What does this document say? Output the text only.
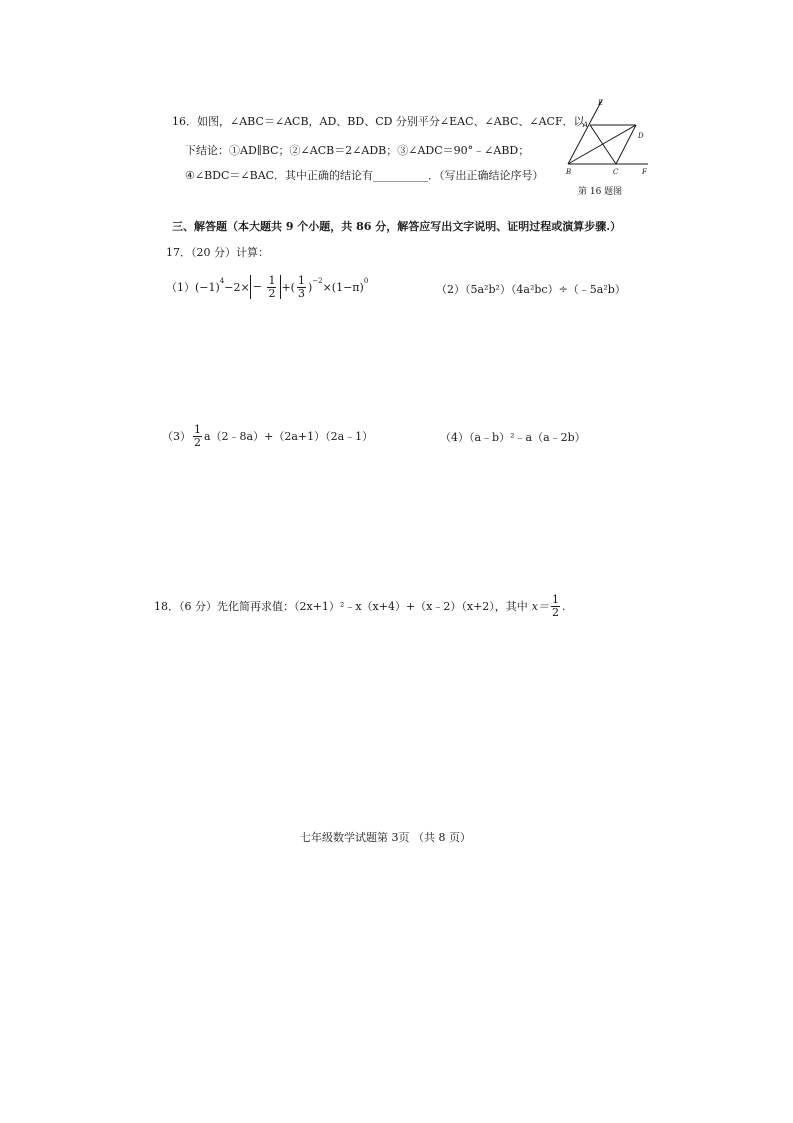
16．如图，∠ABC＝∠ACB，AD、BD、CD 分别平分∠EAC、∠ABC、∠ACF．以
下结论：①AD∥BC；②∠ACB＝2∠ADB；③∠ADC＝90°﹣∠ABD；
④∠BDC＝∠BAC．其中正确的结论有__________．（写出正确结论序号）
E
A
D
B	C	F
第 16 题图
三、解答题（本大题共 9 个小题，共 86 分，解答应写出文字说明、证明过程或演算步骤.）
17．（20 分）计算：
（1） $(-1)^4 -2\times - \frac{1}{2}$ +( $\frac{1}{3} )^{-2} \times(1-\pi)^0$
（2）（5a²b²）（4a²bc）÷（﹣5a²b）
$(3) \frac{1}{2}$ a（2﹣8a）+（2a+1）（2a﹣1）	（4）（a﹣b）²﹣a（a﹣2b）
18．（6 分）先化简再求值：（2x+1）²﹣x（x+4）+（x﹣2）（x+2），其中 $x= \frac{1}{2}$ .
七年级数学试题第 3页 （共 8 页）
